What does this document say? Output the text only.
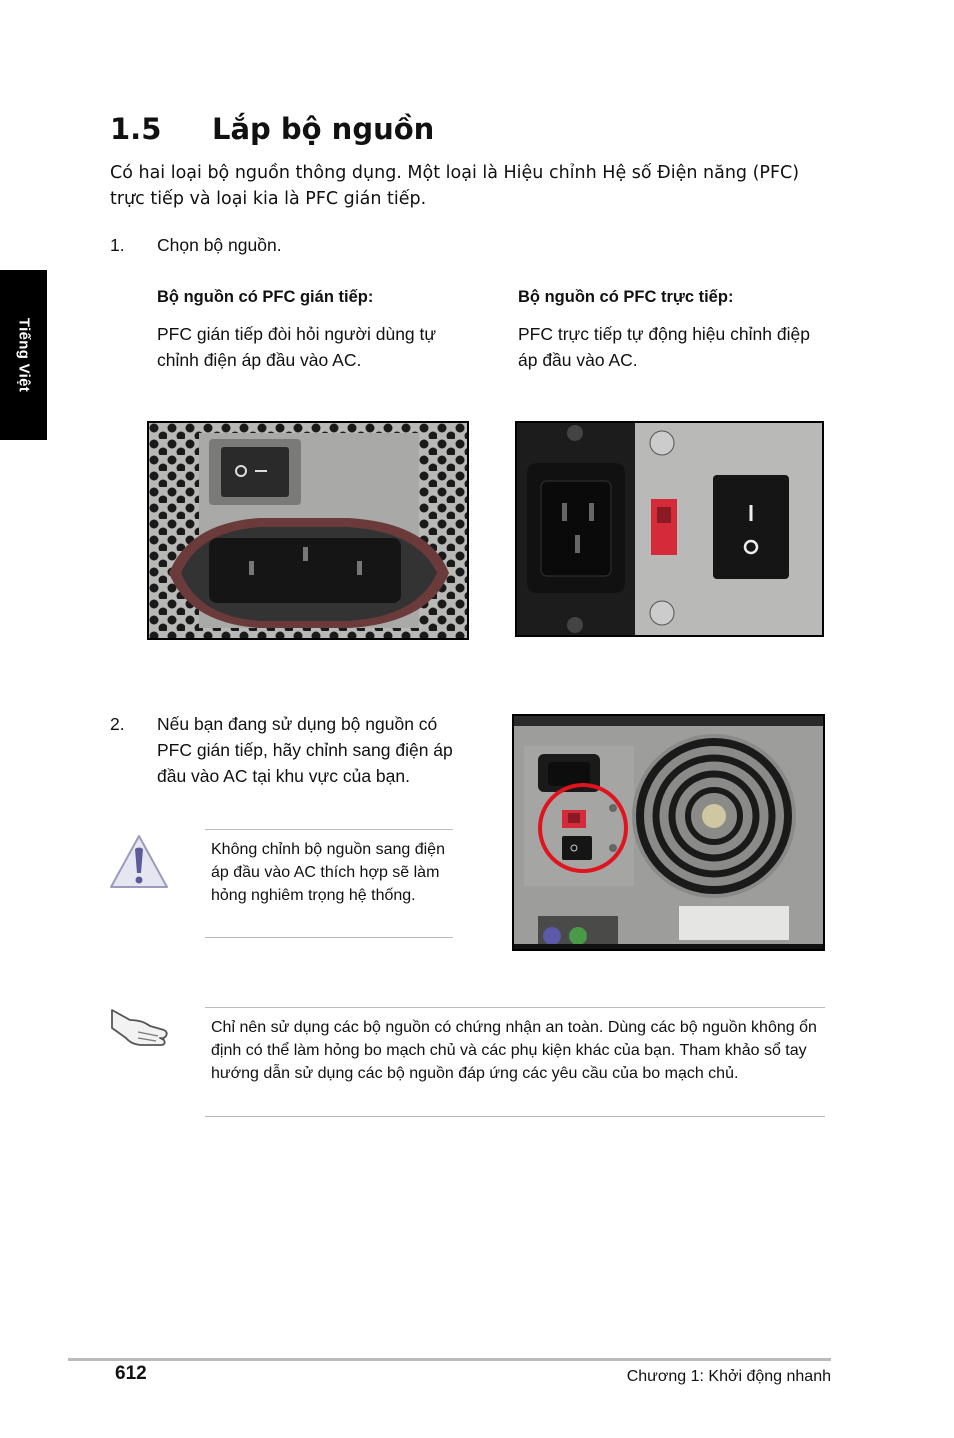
Tiếng Việt
1.5 Lắp bộ nguồn
Có hai loại bộ nguồn thông dụng. Một loại là Hiệu chỉnh Hệ số Điện năng (PFC) trực tiếp và loại kia là PFC gián tiếp.
1. Chọn bộ nguồn.
Bộ nguồn có PFC gián tiếp:
PFC gián tiếp đòi hỏi người dùng tự chỉnh điện áp đầu vào AC.
Bộ nguồn có PFC trực tiếp:
PFC trực tiếp tự động hiệu chỉnh điệp áp đầu vào AC.
2. Nếu bạn đang sử dụng bộ nguồn có PFC gián tiếp, hãy chỉnh sang điện áp đầu vào AC tại khu vực của bạn.
Không chỉnh bộ nguồn sang điện áp đầu vào AC thích hợp sẽ làm hỏng nghiêm trọng hệ thống.
Chỉ nên sử dụng các bộ nguồn có chứng nhận an toàn. Dùng các bộ nguồn không ổn định có thể làm hỏng bo mạch chủ và các phụ kiện khác của bạn. Tham khảo sổ tay hướng dẫn sử dụng các bộ nguồn đáp ứng các yêu cầu của bo mạch chủ.
612	Chương 1: Khởi động nhanh
